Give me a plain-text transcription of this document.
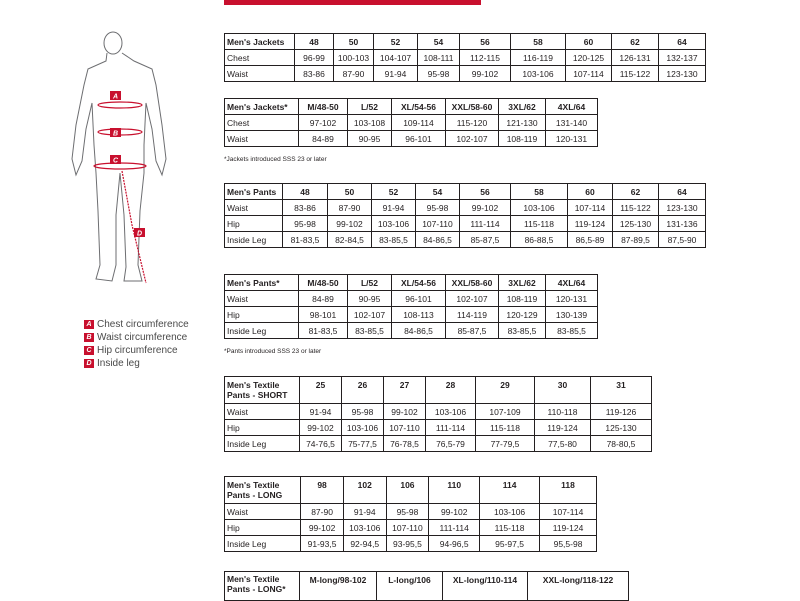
A
B
C
D
A Chest circumference
B Waist circumference
C Hip circumference
D Inside leg
Men's Jackets	48	50	52	54	56	58	60	62	64
Chest	96-99	100-103	104-107	108-111	112-115	116-119	120-125	126-131	132-137
Waist	83-86	87-90	91-94	95-98	99-102	103-106	107-114	115-122	123-130
Men's Jackets*	M/48-50	L/52	XL/54-56	XXL/58-60	3XL/62	4XL/64
Chest	97-102	103-108	109-114	115-120	121-130	131-140
Waist	84-89	90-95	96-101	102-107	108-119	120-131
*Jackets introduced SSS 23 or later
Men's Pants	48	50	52	54	56	58	60	62	64
Waist	83-86	87-90	91-94	95-98	99-102	103-106	107-114	115-122	123-130
Hip	95-98	99-102	103-106	107-110	111-114	115-118	119-124	125-130	131-136
Inside Leg	81-83,5	82-84,5	83-85,5	84-86,5	85-87,5	86-88,5	86,5-89	87-89,5	87,5-90
Men's Pants*	M/48-50	L/52	XL/54-56	XXL/58-60	3XL/62	4XL/64
Waist	84-89	90-95	96-101	102-107	108-119	120-131
Hip	98-101	102-107	108-113	114-119	120-129	130-139
Inside Leg	81-83,5	83-85,5	84-86,5	85-87,5	83-85,5	83-85,5
*Pants introduced SSS 23 or later
Men's Textile
Pants - SHORT	25	26	27	28	29	30	31
Waist	91-94	95-98	99-102	103-106	107-109	110-118	119-126
Hip	99-102	103-106	107-110	111-114	115-118	119-124	125-130
Inside Leg	74-76,5	75-77,5	76-78,5	76,5-79	77-79,5	77,5-80	78-80,5
Men's Textile
Pants - LONG	98	102	106	110	114	118
Waist	87-90	91-94	95-98	99-102	103-106	107-114
Hip	99-102	103-106	107-110	111-114	115-118	119-124
Inside Leg	91-93,5	92-94,5	93-95,5	94-96,5	95-97,5	95,5-98
Men's Textile
Pants - LONG*	M-long/98-102	L-long/106	XL-long/110-114	XXL-long/118-122
